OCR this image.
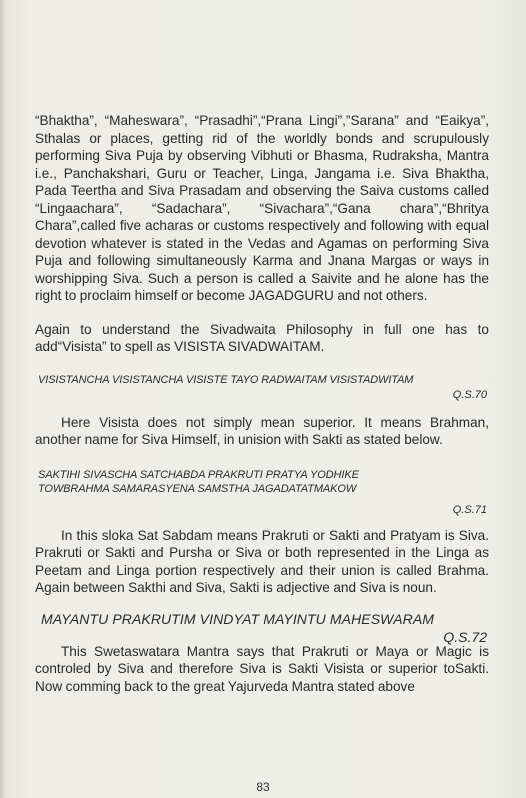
“Bhaktha”, “Maheswara”, “Prasadhi”,“Prana Lingi”,”Sarana” and “Eaikya”, Sthalas or places, getting rid of the worldly bonds and scrupulously performing Siva Puja by observing Vibhuti or Bhasma, Rudraksha, Mantra i.e., Panchakshari, Guru or Teacher, Linga, Jangama i.e. Siva Bhaktha, Pada Teertha and Siva Prasadam and observing the Saiva customs called “Lingaachara”, “Sadachara”, “Sivachara”,“Gana chara”,“Bhritya Chara”,called five acharas or customs respectively and following with equal devotion whatever is stated in the Vedas and Agamas on performing Siva Puja and following simultaneously Karma and Jnana Margas or ways in worshipping Siva. Such a person is called a Saivite and he alone has the right to proclaim himself or become JAGADGURU and not others.

Again to understand the Sivadwaita Philosophy in full one has to add“Visista” to spell as VISISTA SIVADWAITAM.

VISISTANCHA VISISTANCHA VISISTE TAYO RADWAITAM VISISTADWITAM

Q.S.70

Here Visista does not simply mean superior. It means Brahman, another name for Siva Himself, in unision with Sakti as stated below.

SAKTIHI SIVASCHA SATCHABDA PRAKRUTI PRATYA YODHIKE

TOWBRAHMA SAMARASYENA SAMSTHA JAGADATATMAKOW

Q.S.71

In this sloka Sat Sabdam means Prakruti or Sakti and Pratyam is Siva. Prakruti or Sakti and Pursha or Siva or both represented in the Linga as Peetam and Linga portion respectively and their union is called Brahma. Again between Sakthi and Siva, Sakti is adjective and Siva is noun.

MAYANTU PRAKRUTIM VINDYAT MAYINTU MAHESWARAM

Q.S.72

This Swetaswatara Mantra says that Prakruti or Maya or Magic is controled by Siva and therefore Siva is Sakti Visista or superior toSakti. Now comming back to the great Yajurveda Mantra stated above

83
